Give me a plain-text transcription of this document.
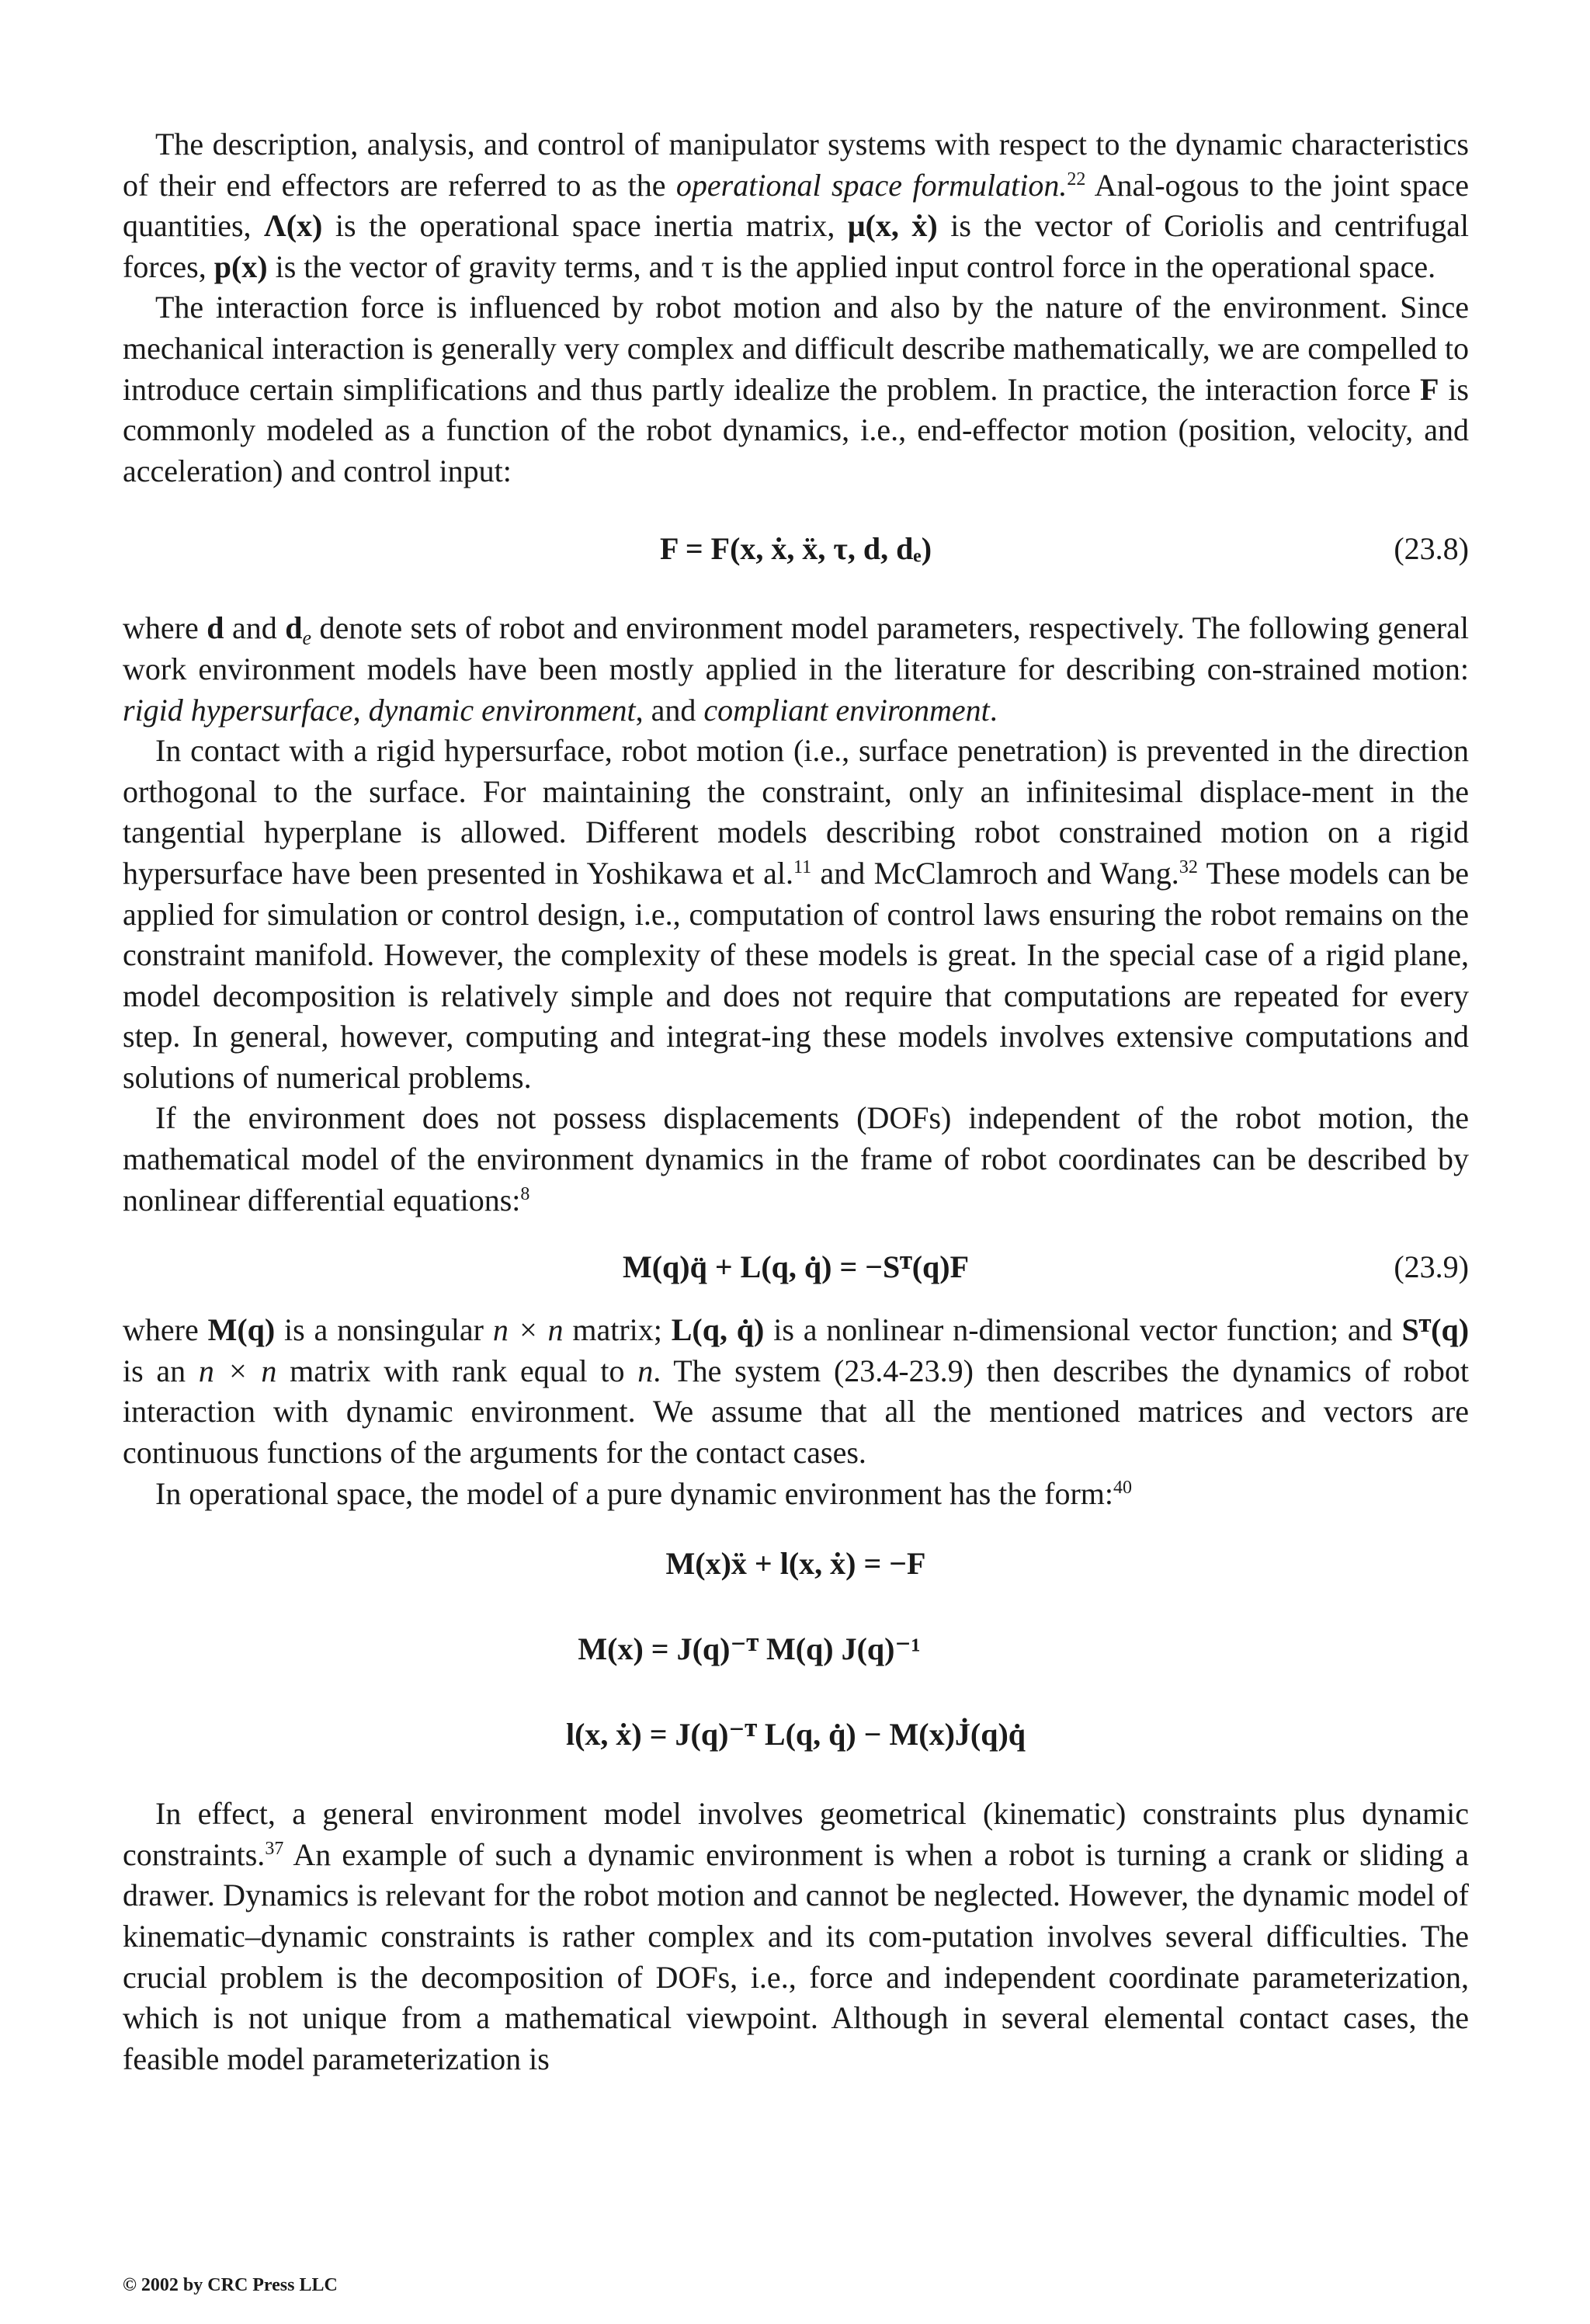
The description, analysis, and control of manipulator systems with respect to the dynamic characteristics of their end effectors are referred to as the operational space formulation.$^{22}$ Anal-ogous to the joint space quantities, Λ(x) is the operational space inertia matrix, μ(x, ẋ) is the vector of Coriolis and centrifugal forces, p(x) is the vector of gravity terms, and τ is the applied input control force in the operational space.

The interaction force is influenced by robot motion and also by the nature of the environment. Since mechanical interaction is generally very complex and difficult describe mathematically, we are compelled to introduce certain simplifications and thus partly idealize the problem. In practice, the interaction force F is commonly modeled as a function of the robot dynamics, i.e., end-effector motion (position, velocity, and acceleration) and control input:

F = F(x, ẋ, ẍ, τ, d, dₑ)	(23.8)

where d and $d_e$ denote sets of robot and environment model parameters, respectively. The following general work environment models have been mostly applied in the literature for describing con-strained motion: rigid hypersurface, dynamic environment, and compliant environment.

In contact with a rigid hypersurface, robot motion (i.e., surface penetration) is prevented in the direction orthogonal to the surface. For maintaining the constraint, only an infinitesimal displace-ment in the tangential hyperplane is allowed. Different models describing robot constrained motion on a rigid hypersurface have been presented in Yoshikawa et al.$^{11}$ and McClamroch and Wang.$^{32}$ These models can be applied for simulation or control design, i.e., computation of control laws ensuring the robot remains on the constraint manifold. However, the complexity of these models is great. In the special case of a rigid plane, model decomposition is relatively simple and does not require that computations are repeated for every step. In general, however, computing and integrat-ing these models involves extensive computations and solutions of numerical problems.

If the environment does not possess displacements (DOFs) independent of the robot motion, the mathematical model of the environment dynamics in the frame of robot coordinates can be described by nonlinear differential equations:$^8$

M(q)q̈ + L(q, q̇) = −Sᵀ(q)F	(23.9)

where M(q) is a nonsingular n × n matrix; L(q, q̇) is a nonlinear n-dimensional vector function; and Sᵀ(q) is an n × n matrix with rank equal to n. The system (23.4-23.9) then describes the dynamics of robot interaction with dynamic environment. We assume that all the mentioned matrices and vectors are continuous functions of the arguments for the contact cases.

In operational space, the model of a pure dynamic environment has the form:$^{40}$

M(x)ẍ + l(x, ẋ) = −F
M(x) = J(q)⁻ᵀ M(q) J(q)⁻¹
l(x, ẋ) = J(q)⁻ᵀ L(q, q̇) − M(x)J̇(q)q̇

In effect, a general environment model involves geometrical (kinematic) constraints plus dynamic constraints.$^{37}$ An example of such a dynamic environment is when a robot is turning a crank or sliding a drawer. Dynamics is relevant for the robot motion and cannot be neglected. However, the dynamic model of kinematic–dynamic constraints is rather complex and its com-putation involves several difficulties. The crucial problem is the decomposition of DOFs, i.e., force and independent coordinate parameterization, which is not unique from a mathematical viewpoint. Although in several elemental contact cases, the feasible model parameterization is

© 2002 by CRC Press LLC
